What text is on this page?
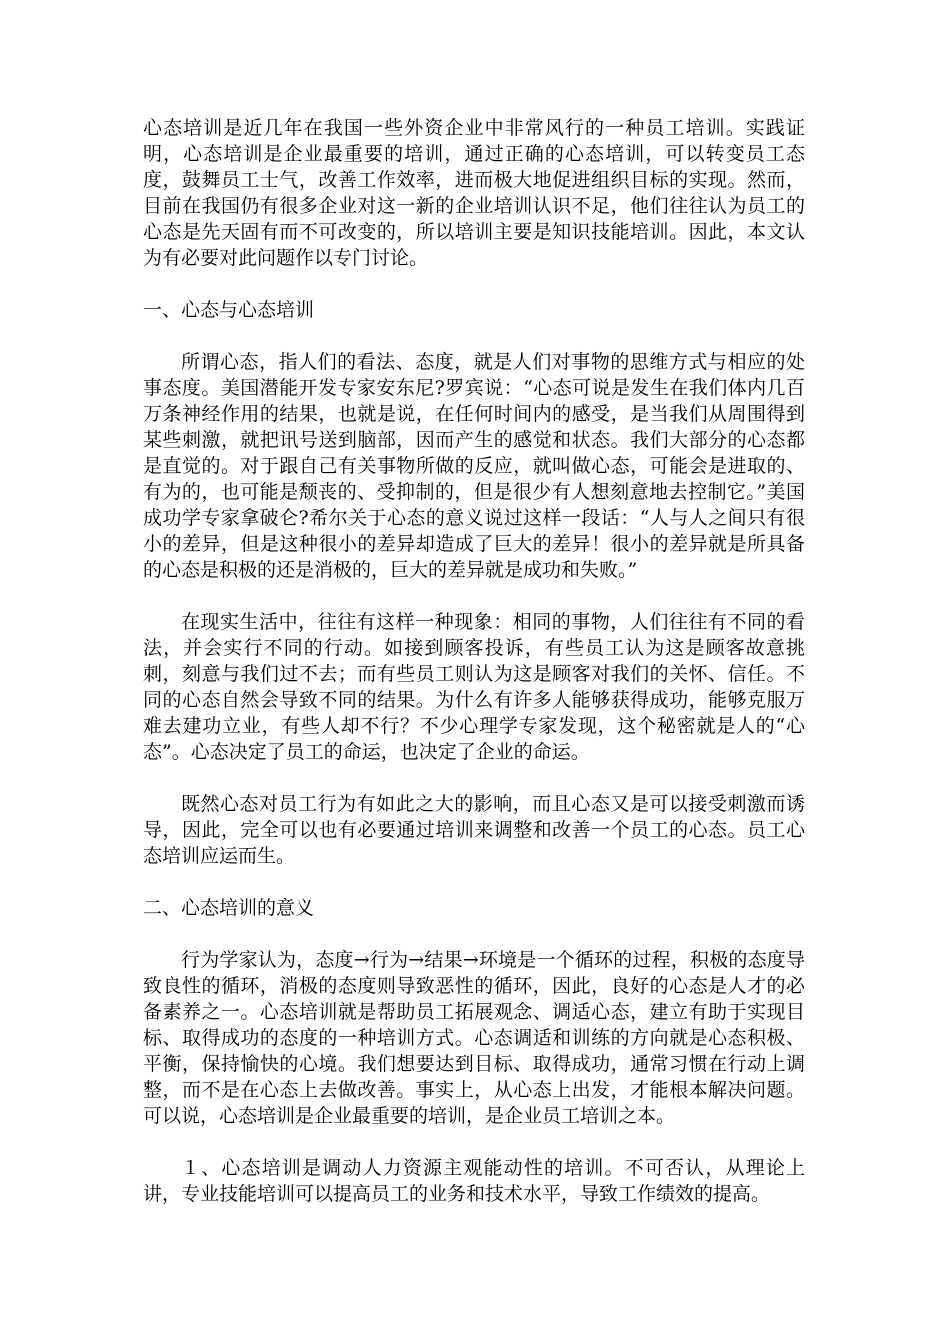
心态培训是近几年在我国一些外资企业中非常风行的一种员工培训。实践证明，心态培训是企业最重要的培训，通过正确的心态培训，可以转变员工态度，鼓舞员工士气，改善工作效率，进而极大地促进组织目标的实现。然而，目前在我国仍有很多企业对这一新的企业培训认识不足，他们往往认为员工的心态是先天固有而不可改变的，所以培训主要是知识技能培训。因此，本文认为有必要对此问题作以专门讨论。

一、心态与心态培训

所谓心态，指人们的看法、态度，就是人们对事物的思维方式与相应的处事态度。美国潜能开发专家安东尼?罗宾说：“心态可说是发生在我们体内几百万条神经作用的结果，也就是说，在任何时间内的感受，是当我们从周围得到某些刺激，就把讯号送到脑部，因而产生的感觉和状态。我们大部分的心态都是直觉的。对于跟自己有关事物所做的反应，就叫做心态，可能会是进取的、有为的，也可能是颓丧的、受抑制的，但是很少有人想刻意地去控制它。”美国成功学专家拿破仑?希尔关于心态的意义说过这样一段话：“人与人之间只有很小的差异，但是这种很小的差异却造成了巨大的差异！很小的差异就是所具备的心态是积极的还是消极的，巨大的差异就是成功和失败。”

在现实生活中，往往有这样一种现象：相同的事物，人们往往有不同的看法，并会实行不同的行动。如接到顾客投诉，有些员工认为这是顾客故意挑刺，刻意与我们过不去；而有些员工则认为这是顾客对我们的关怀、信任。不同的心态自然会导致不同的结果。为什么有许多人能够获得成功，能够克服万难去建功立业，有些人却不行？不少心理学专家发现，这个秘密就是人的“心态”。心态决定了员工的命运，也决定了企业的命运。

既然心态对员工行为有如此之大的影响，而且心态又是可以接受刺激而诱导，因此，完全可以也有必要通过培训来调整和改善一个员工的心态。员工心态培训应运而生。

二、心态培训的意义

行为学家认为，态度→行为→结果→环境是一个循环的过程，积极的态度导致良性的循环，消极的态度则导致恶性的循环，因此，良好的心态是人才的必备素养之一。心态培训就是帮助员工拓展观念、调适心态，建立有助于实现目标、取得成功的态度的一种培训方式。心态调适和训练的方向就是心态积极、平衡，保持愉快的心境。我们想要达到目标、取得成功，通常习惯在行动上调整，而不是在心态上去做改善。事实上，从心态上出发，才能根本解决问题。可以说，心态培训是企业最重要的培训，是企业员工培训之本。

１、心态培训是调动人力资源主观能动性的培训。不可否认，从理论上讲，专业技能培训可以提高员工的业务和技术水平，导致工作绩效的提高。
